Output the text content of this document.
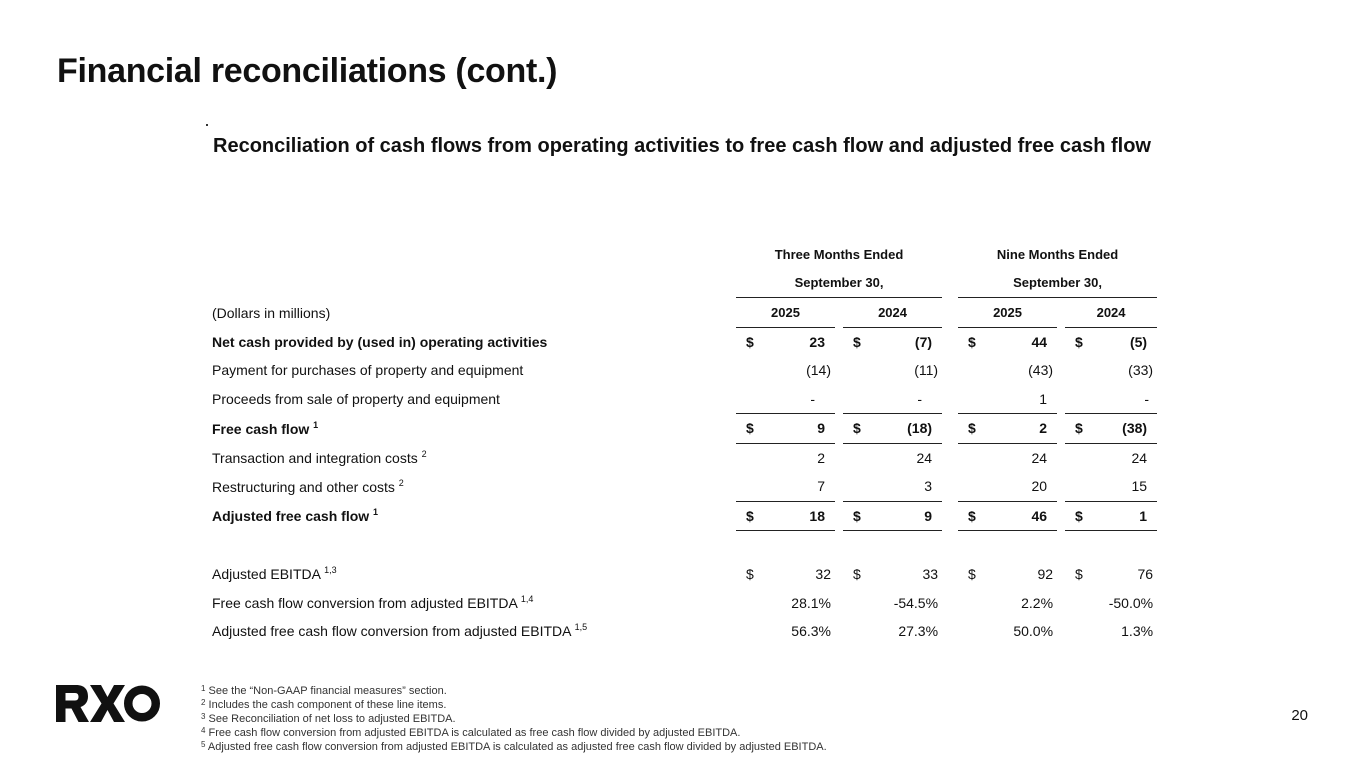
Financial reconciliations (cont.)
Reconciliation of cash flows from operating activities to free cash flow and adjusted free cash flow
		Three Months Ended						Nine Months Ended				
		September 30,						September 30,				
(Dollars in millions)		2025			2024			2025			2024	
Net cash provided by (used in) operating activities		$	23		$	(7)		$	44		$	(5)
Payment for purchases of property and equipment		(14)			(11)			(43)			(33)	
Proceeds from sale of property and equipment		-			-			1			-	
Free cash flow $^1$		$	9		$	(18)		$	2		$	(38)
Transaction and integration costs $^2$		2			24			24			24	
Restructuring and other costs $^2$		7			3			20			15	
Adjusted free cash flow $^1$		$	18		$	9		$	46		$	1

Adjusted EBITDA $^{1,3}$		$	32		$	33		$	92		$	76
Free cash flow conversion from adjusted EBITDA $^{1,4}$		28.1%			-54.5%			2.2%			-50.0%	
Adjusted free cash flow conversion from adjusted EBITDA $^{1,5}$		56.3%			27.3%			50.0%			1.3%	
$^1$ See the “Non-GAAP financial measures” section.
$^2$ Includes the cash component of these line items.
$^3$ See Reconciliation of net loss to adjusted EBITDA.
$^4$ Free cash flow conversion from adjusted EBITDA is calculated as free cash flow divided by adjusted EBITDA.
$^5$ Adjusted free cash flow conversion from adjusted EBITDA is calculated as adjusted free cash flow divided by adjusted EBITDA.
20
